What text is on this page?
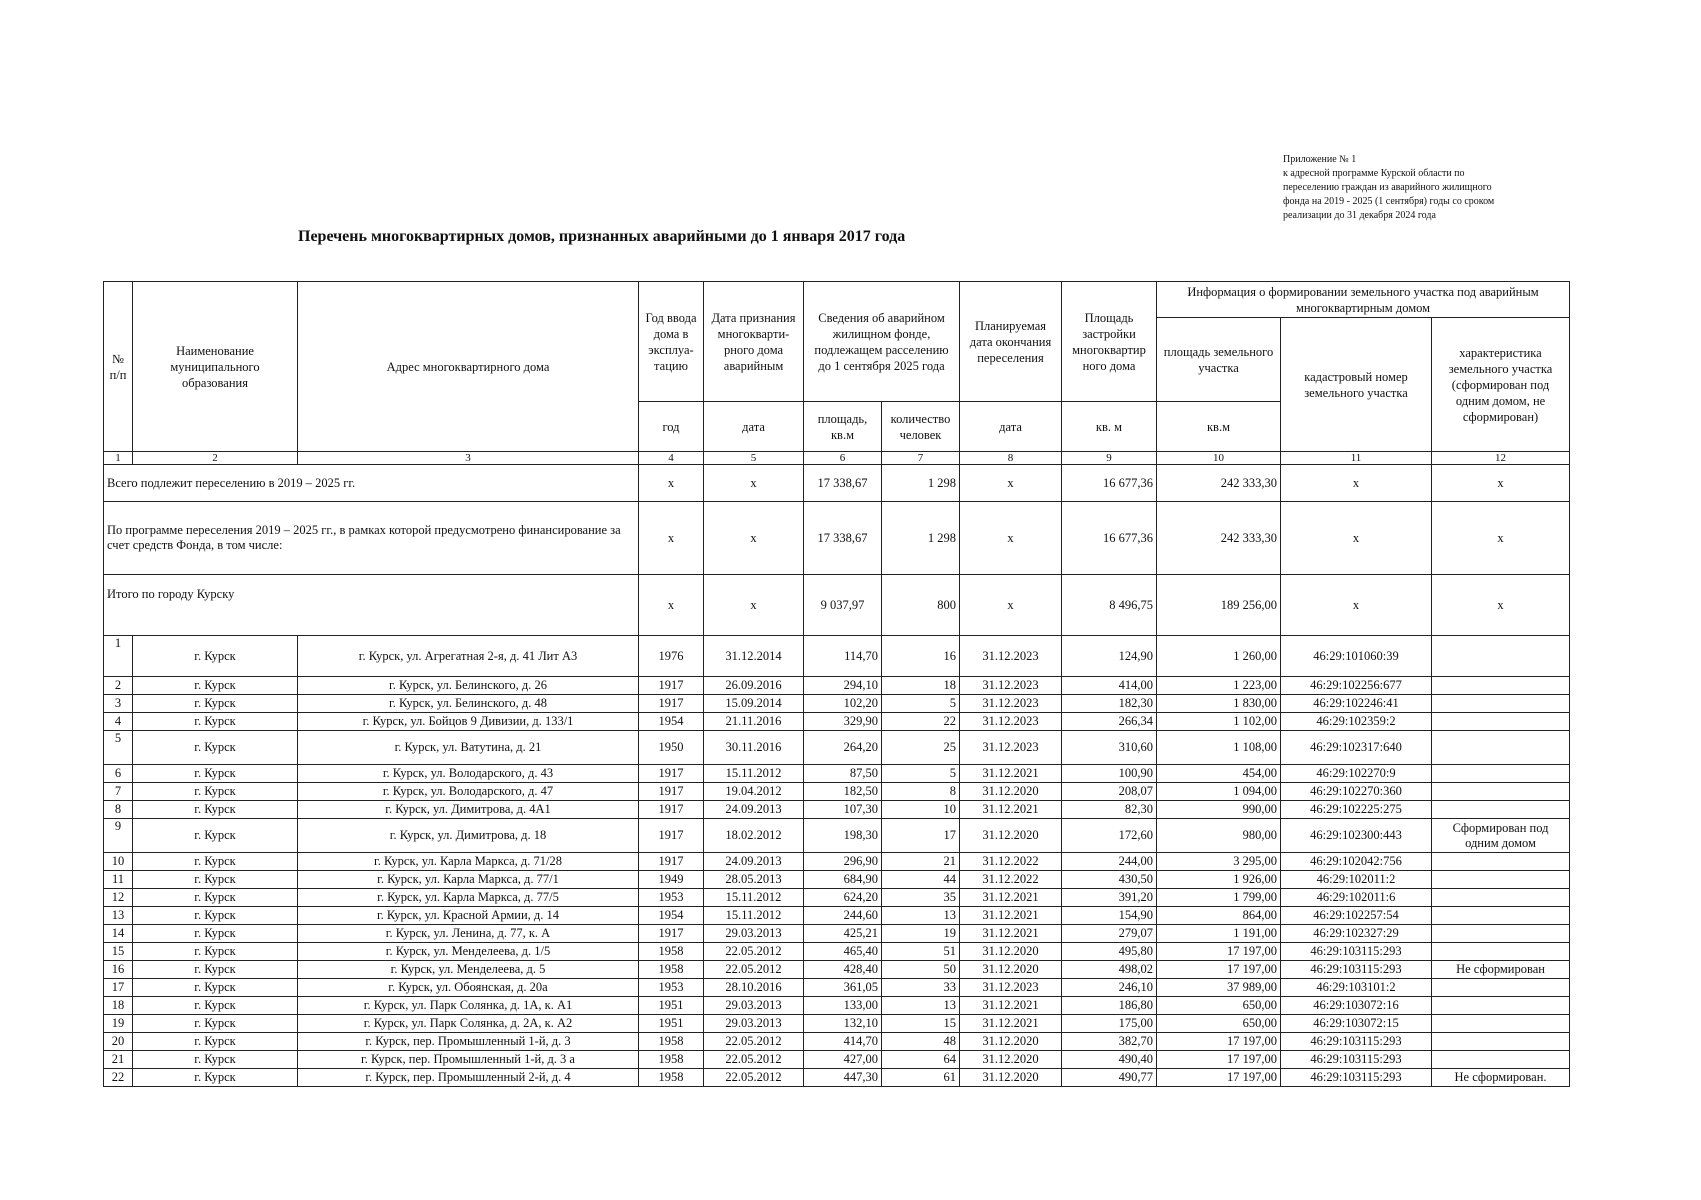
Приложение № 1
к адресной программе Курской области по
переселению граждан из аварийного жилищного
фонда на 2019 - 2025 (1 сентября) годы со сроком
реализации до 31 декабря 2024 года
Перечень многоквартирных домов, признанных аварийными до 1 января 2017 года
№ п/п	Наименование муниципального образования	Адрес многоквартирного дома	Год ввода дома в эксплуа-тацию	Дата признания многокварти-рного дома аварийным	Сведения об аварийном жилищном фонде, подлежащем расселению до 1 сентября 2025 года		Планируемая дата окончания переселения	Площадь застройки многоквартир ного дома	Информация о формировании земельного участка под аварийным многоквартирным домом		
									площадь земельного участка	кадастровый номер земельного участка	характеристика земельного участка (сформирован под одним домом, не сформирован)
			год	дата	площадь, кв.м	количество человек	дата	кв. м	кв.м		
1	2	3	4	5	6	7	8	9	10	11	12
Всего подлежит переселению в 2019 – 2025 гг.			x	x	17 338,67	1 298	x	16 677,36	242 333,30	x	x
По программе переселения 2019 – 2025 гг., в рамках которой предусмотрено финансирование за счет средств Фонда, в том числе:			x	x	17 338,67	1 298	x	16 677,36	242 333,30	x	x
Итого по городу Курску			x	x	9 037,97	800	x	8 496,75	189 256,00	x	x
1	г. Курск	г. Курск, ул. Агрегатная 2-я, д. 41 Лит А3	1976	31.12.2014	114,70	16	31.12.2023	124,90	1 260,00	46:29:101060:39	
2	г. Курск	г. Курск, ул. Белинского, д. 26	1917	26.09.2016	294,10	18	31.12.2023	414,00	1 223,00	46:29:102256:677	
3	г. Курск	г. Курск, ул. Белинского, д. 48	1917	15.09.2014	102,20	5	31.12.2023	182,30	1 830,00	46:29:102246:41	
4	г. Курск	г. Курск, ул. Бойцов 9 Дивизии, д. 133/1	1954	21.11.2016	329,90	22	31.12.2023	266,34	1 102,00	46:29:102359:2	
5	г. Курск	г. Курск, ул. Ватутина, д. 21	1950	30.11.2016	264,20	25	31.12.2023	310,60	1 108,00	46:29:102317:640	
6	г. Курск	г. Курск, ул. Володарского, д. 43	1917	15.11.2012	87,50	5	31.12.2021	100,90	454,00	46:29:102270:9	
7	г. Курск	г. Курск, ул. Володарского, д. 47	1917	19.04.2012	182,50	8	31.12.2020	208,07	1 094,00	46:29:102270:360	
8	г. Курск	г. Курск, ул. Димитрова, д. 4А1	1917	24.09.2013	107,30	10	31.12.2021	82,30	990,00	46:29:102225:275	
9	г. Курск	г. Курск, ул. Димитрова, д. 18	1917	18.02.2012	198,30	17	31.12.2020	172,60	980,00	46:29:102300:443	Сформирован под одним домом
10	г. Курск	г. Курск, ул. Карла Маркса, д. 71/28	1917	24.09.2013	296,90	21	31.12.2022	244,00	3 295,00	46:29:102042:756	
11	г. Курск	г. Курск, ул. Карла Маркса, д. 77/1	1949	28.05.2013	684,90	44	31.12.2022	430,50	1 926,00	46:29:102011:2	
12	г. Курск	г. Курск, ул. Карла Маркса, д. 77/5	1953	15.11.2012	624,20	35	31.12.2021	391,20	1 799,00	46:29:102011:6	
13	г. Курск	г. Курск, ул. Красной Армии, д. 14	1954	15.11.2012	244,60	13	31.12.2021	154,90	864,00	46:29:102257:54	
14	г. Курск	г. Курск, ул. Ленина, д. 77, к. А	1917	29.03.2013	425,21	19	31.12.2021	279,07	1 191,00	46:29:102327:29	
15	г. Курск	г. Курск, ул. Менделеева, д. 1/5	1958	22.05.2012	465,40	51	31.12.2020	495,80	17 197,00	46:29:103115:293	
16	г. Курск	г. Курск, ул. Менделеева, д. 5	1958	22.05.2012	428,40	50	31.12.2020	498,02	17 197,00	46:29:103115:293	Не сформирован
17	г. Курск	г. Курск, ул. Обоянская, д. 20а	1953	28.10.2016	361,05	33	31.12.2023	246,10	37 989,00	46:29:103101:2	
18	г. Курск	г. Курск, ул. Парк Солянка, д. 1А, к. А1	1951	29.03.2013	133,00	13	31.12.2021	186,80	650,00	46:29:103072:16	
19	г. Курск	г. Курск, ул. Парк Солянка, д. 2А, к. А2	1951	29.03.2013	132,10	15	31.12.2021	175,00	650,00	46:29:103072:15	
20	г. Курск	г. Курск, пер. Промышленный 1-й, д. 3	1958	22.05.2012	414,70	48	31.12.2020	382,70	17 197,00	46:29:103115:293	
21	г. Курск	г. Курск, пер. Промышленный 1-й, д. 3 а	1958	22.05.2012	427,00	64	31.12.2020	490,40	17 197,00	46:29:103115:293	
22	г. Курск	г. Курск, пер. Промышленный 2-й, д. 4	1958	22.05.2012	447,30	61	31.12.2020	490,77	17 197,00	46:29:103115:293	Не сформирован.
